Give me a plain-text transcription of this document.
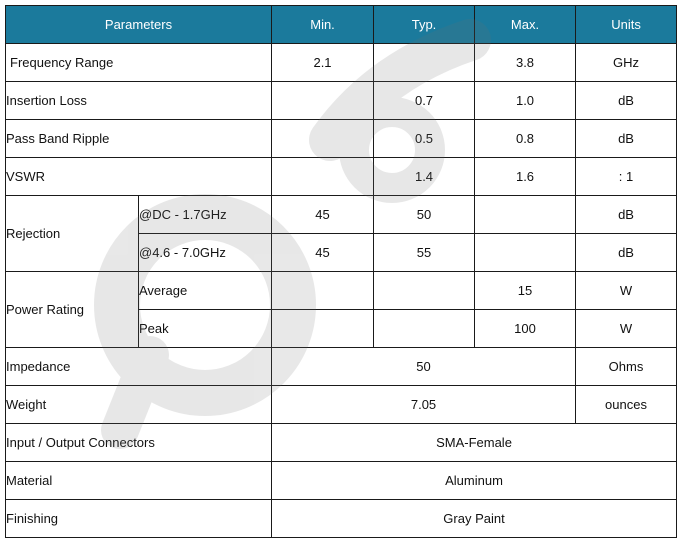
Parameters		Min.	Typ.	Max.	Units
Frequency Range		2.1		3.8	GHz
Insertion Loss			0.7	1.0	dB
Pass Band Ripple			0.5	0.8	dB
VSWR			1.4	1.6	: 1
Rejection	@DC - 1.7GHz	45	50		dB
	@4.6 - 7.0GHz	45	55		dB
Power Rating	Average			15	W
	Peak			100	W
Impedance		50			Ohms
Weight		7.05			ounces
Input / Output Connectors		SMA-Female			
Material		Aluminum			
Finishing		Gray Paint			
